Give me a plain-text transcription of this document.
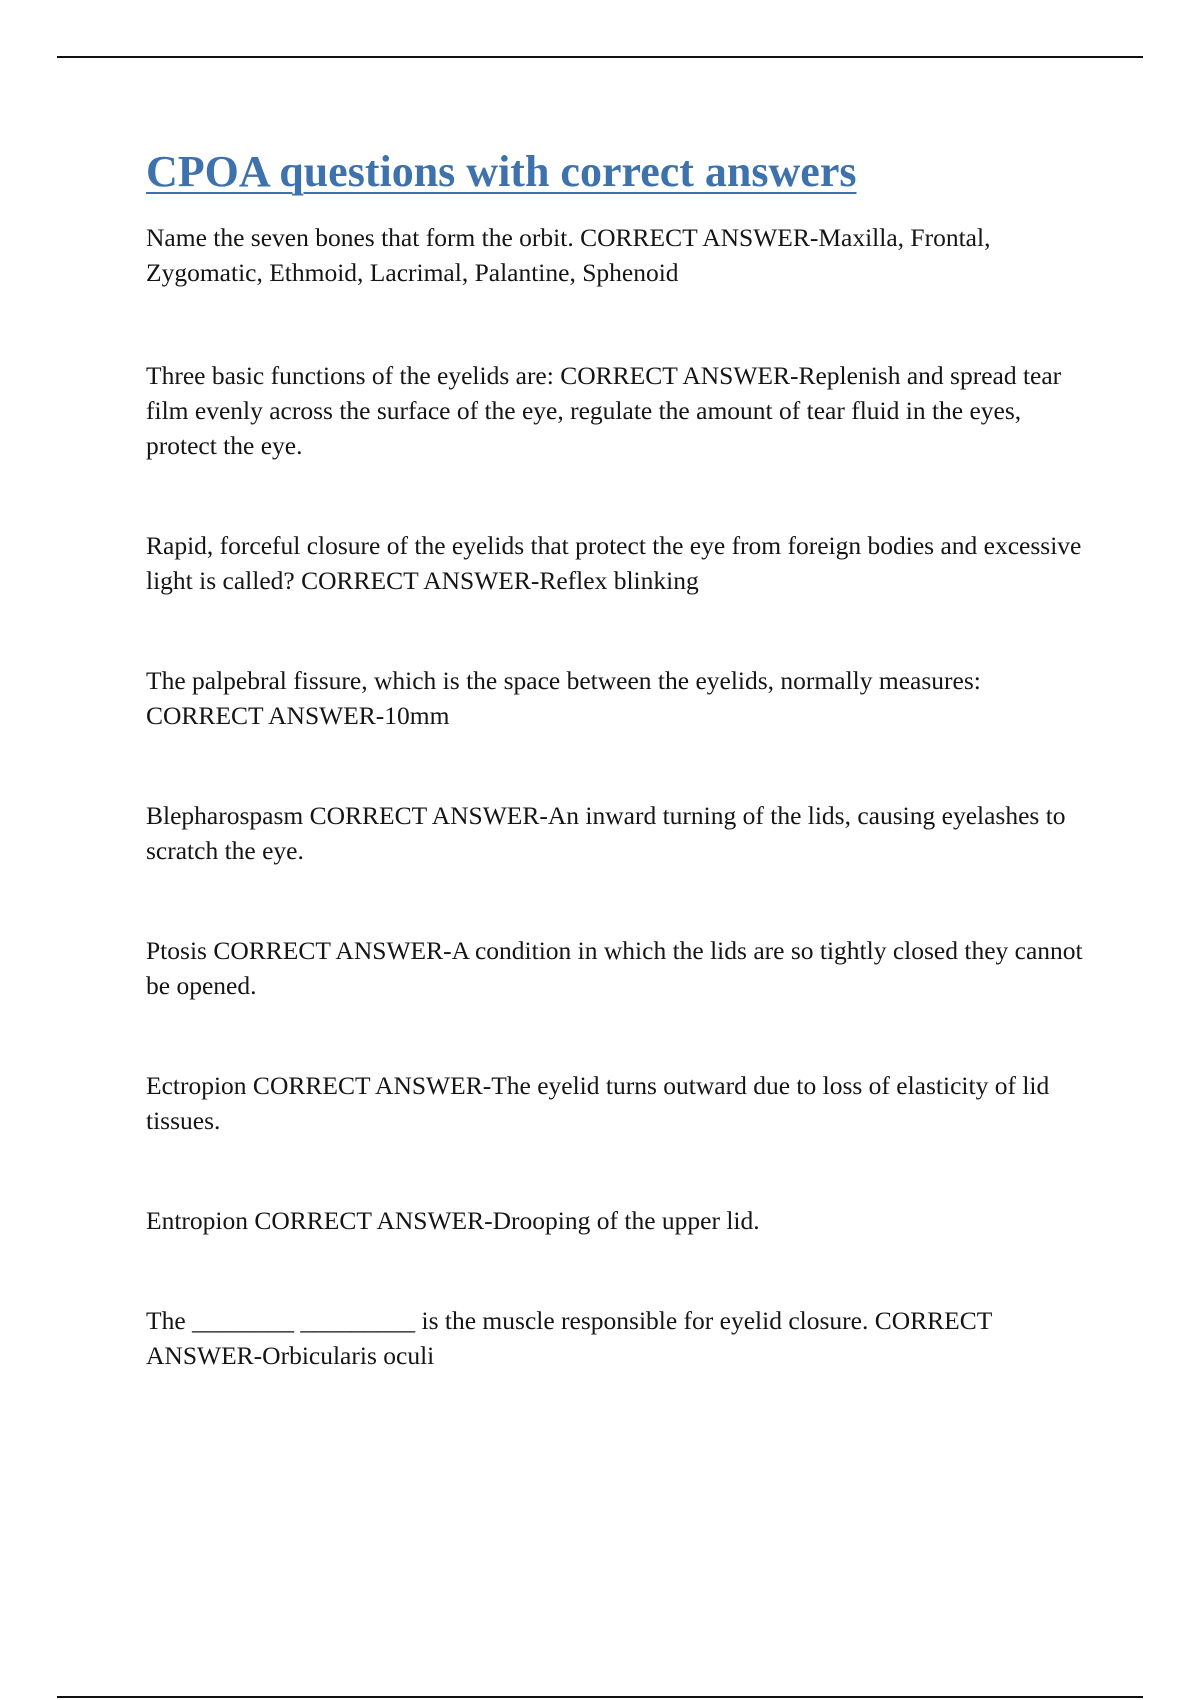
CPOA questions with correct answers
Name the seven bones that form the orbit. CORRECT ANSWER-Maxilla, Frontal, Zygomatic, Ethmoid, Lacrimal, Palantine, Sphenoid
Three basic functions of the eyelids are: CORRECT ANSWER-Replenish and spread tear film evenly across the surface of the eye, regulate the amount of tear fluid in the eyes, protect the eye.
Rapid, forceful closure of the eyelids that protect the eye from foreign bodies and excessive light is called? CORRECT ANSWER-Reflex blinking
The palpebral fissure, which is the space between the eyelids, normally measures: CORRECT ANSWER-10mm
Blepharospasm CORRECT ANSWER-An inward turning of the lids, causing eyelashes to scratch the eye.
Ptosis CORRECT ANSWER-A condition in which the lids are so tightly closed they cannot be opened.
Ectropion CORRECT ANSWER-The eyelid turns outward due to loss of elasticity of lid tissues.
Entropion CORRECT ANSWER-Drooping of the upper lid.
The ________ _________ is the muscle responsible for eyelid closure. CORRECT ANSWER-Orbicularis oculi
